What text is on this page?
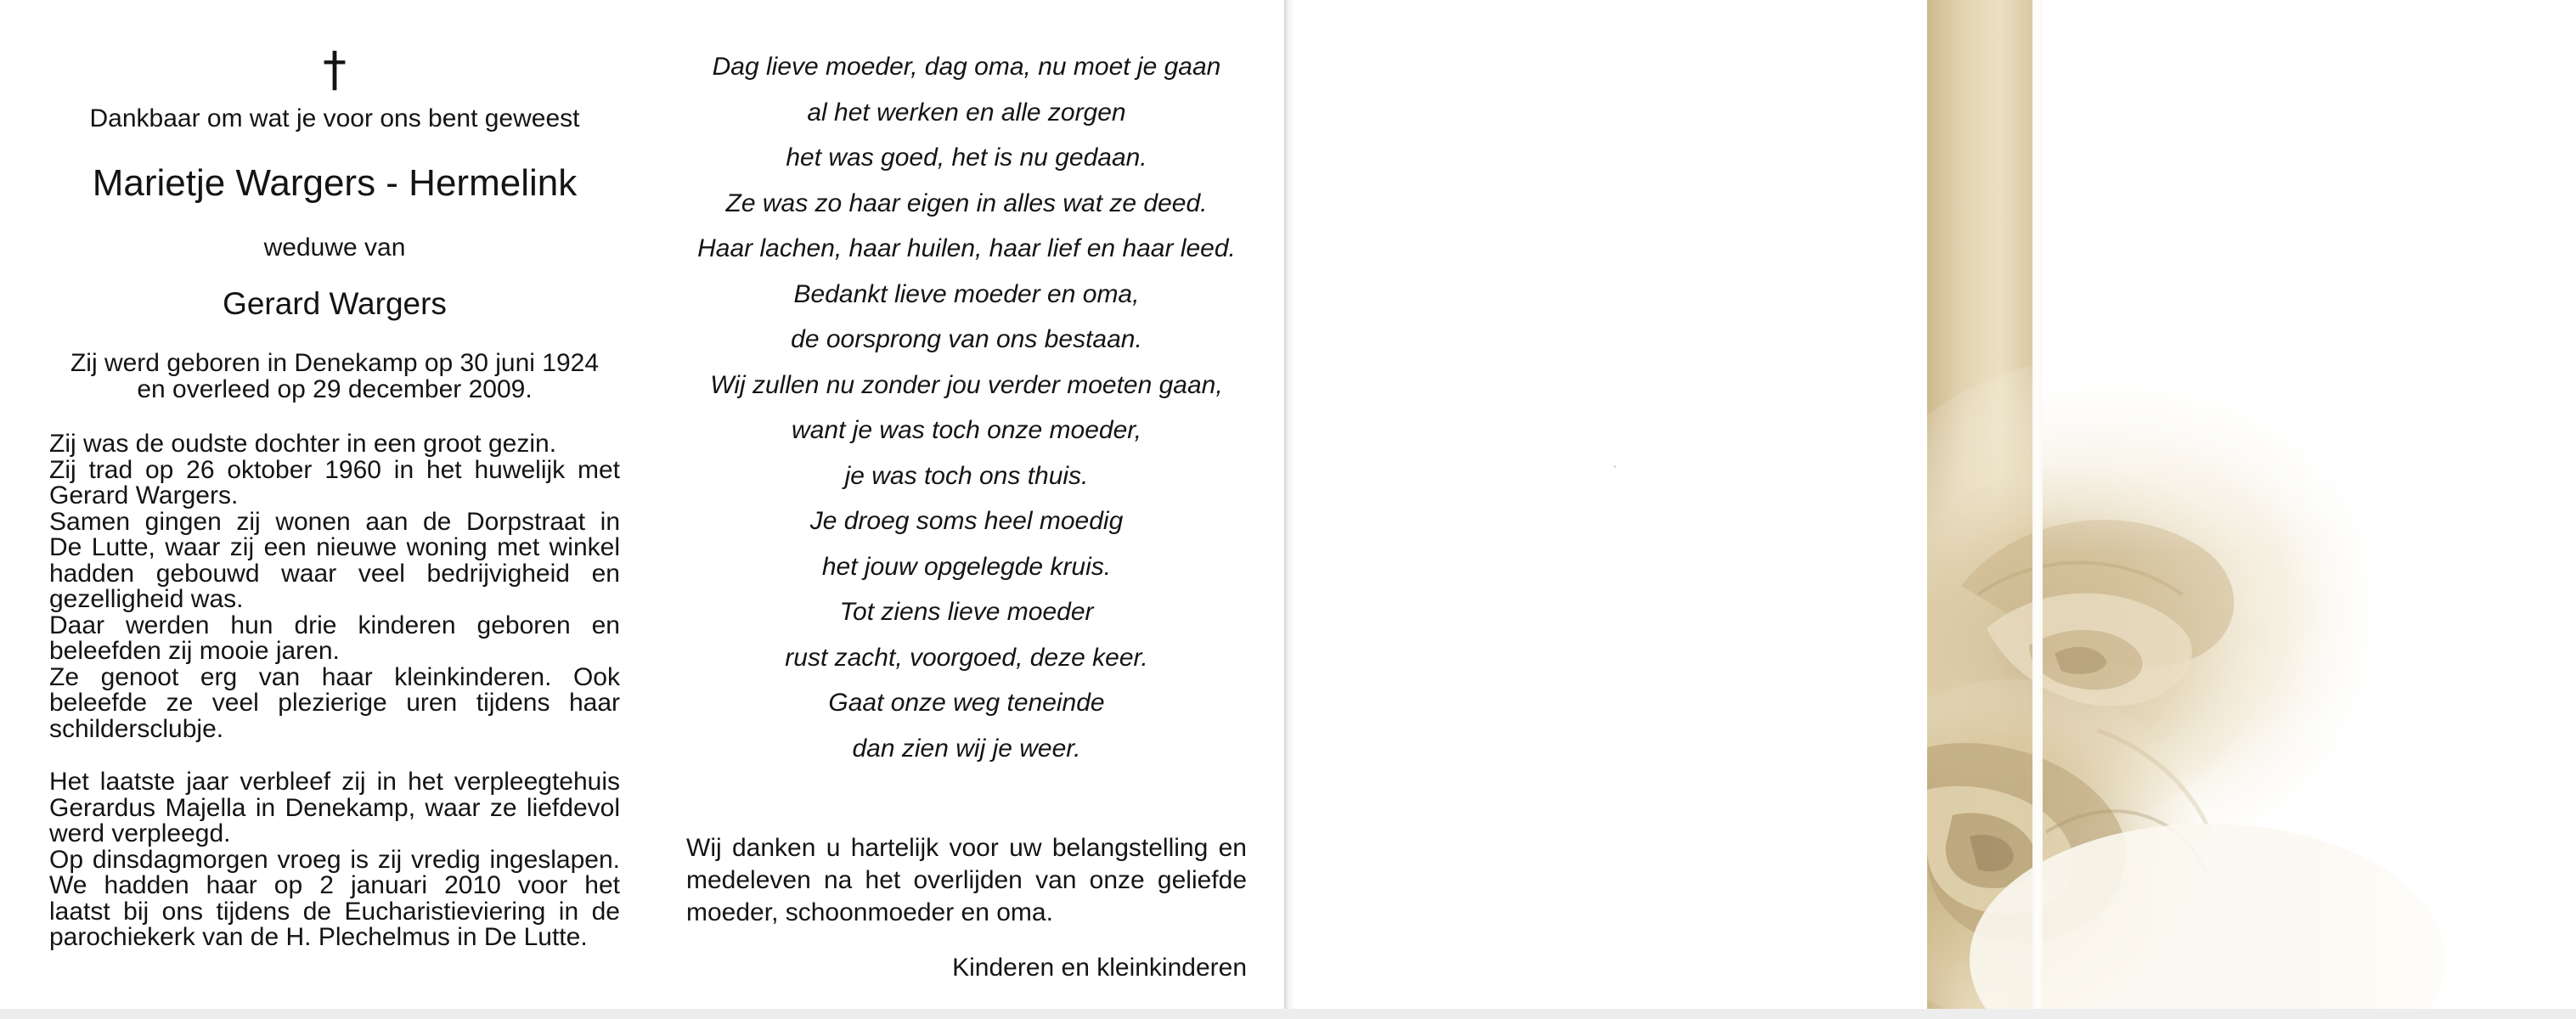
†
Dankbaar om wat je voor ons bent geweest
Marietje Wargers - Hermelink
weduwe van
Gerard Wargers
Zij werd geboren in Denekamp op 30 juni 1924
en overleed op 29 december 2009.
Zij was de oudste dochter in een groot gezin.
Zij trad op 26 oktober 1960 in het huwelijk met
Gerard Wargers.
Samen gingen zij wonen aan de Dorpstraat in
De Lutte, waar zij een nieuwe woning met winkel
hadden gebouwd waar veel bedrijvigheid en
gezelligheid was.
Daar werden hun drie kinderen geboren en
beleefden zij mooie jaren.
Ze genoot erg van haar kleinkinderen. Ook
beleefde ze veel plezierige uren tijdens haar
schildersclubje.
Het laatste jaar verbleef zij in het verpleegtehuis
Gerardus Majella in Denekamp, waar ze liefdevol
werd verpleegd.
Op dinsdagmorgen vroeg is zij vredig ingeslapen.
We hadden haar op 2 januari 2010 voor het
laatst bij ons tijdens de Eucharistieviering in de
parochiekerk van de H. Plechelmus in De Lutte.
Dag lieve moeder, dag oma, nu moet je gaan
al het werken en alle zorgen
het was goed, het is nu gedaan.
Ze was zo haar eigen in alles wat ze deed.
Haar lachen, haar huilen, haar lief en haar leed.
Bedankt lieve moeder en oma,
de oorsprong van ons bestaan.
Wij zullen nu zonder jou verder moeten gaan,
want je was toch onze moeder,
je was toch ons thuis.
Je droeg soms heel moedig
het jouw opgelegde kruis.
Tot ziens lieve moeder
rust zacht, voorgoed, deze keer.
Gaat onze weg teneinde
dan zien wij je weer.
Wij danken u hartelijk voor uw belangstelling en
medeleven na het overlijden van onze geliefde
moeder, schoonmoeder en oma.
Kinderen en kleinkinderen
